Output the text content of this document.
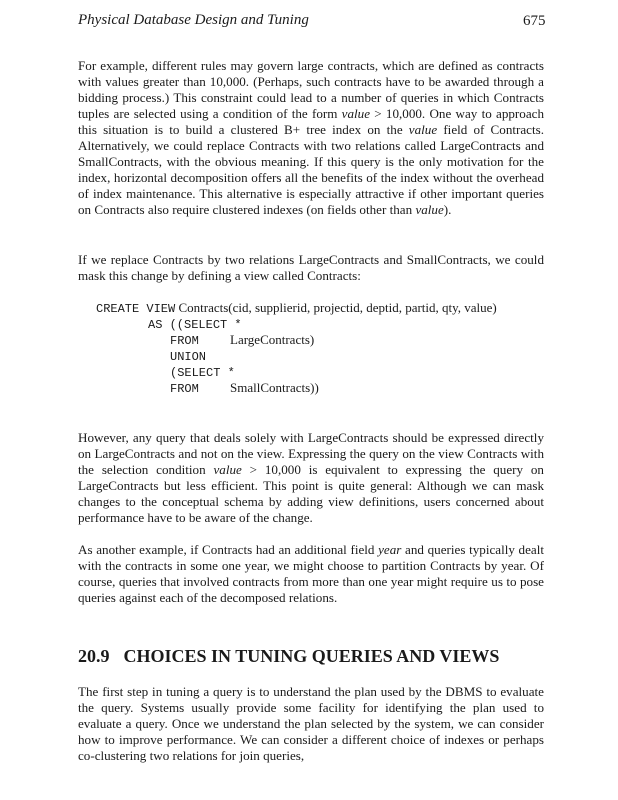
Physical Database Design and Tuning	675

For example, different rules may govern large contracts, which are defined as contracts with values greater than 10,000. (Perhaps, such contracts have to be awarded through a bidding process.) This constraint could lead to a number of queries in which Contracts tuples are selected using a condition of the form value > 10,000. One way to approach this situation is to build a clustered B+ tree index on the value field of Contracts. Alternatively, we could replace Contracts with two relations called LargeContracts and SmallContracts, with the obvious meaning. If this query is the only motivation for the index, horizontal decomposition offers all the benefits of the index without the overhead of index maintenance. This alternative is especially attractive if other important queries on Contracts also require clustered indexes (on fields other than value).

If we replace Contracts by two relations LargeContracts and SmallContracts, we could mask this change by defining a view called Contracts:

CREATE VIEW Contracts(cid, supplierid, projectid, deptid, partid, qty, value)
AS ((SELECT *
FROM LargeContracts)
UNION
(SELECT *
FROM SmallContracts))

However, any query that deals solely with LargeContracts should be expressed directly on LargeContracts and not on the view. Expressing the query on the view Contracts with the selection condition value > 10,000 is equivalent to expressing the query on LargeContracts but less efficient. This point is quite general: Although we can mask changes to the conceptual schema by adding view definitions, users concerned about performance have to be aware of the change.

As another example, if Contracts had an additional field year and queries typically dealt with the contracts in some one year, we might choose to partition Contracts by year. Of course, queries that involved contracts from more than one year might require us to pose queries against each of the decomposed relations.

20.9 CHOICES IN TUNING QUERIES AND VIEWS

The first step in tuning a query is to understand the plan used by the DBMS to evaluate the query. Systems usually provide some facility for identifying the plan used to evaluate a query. Once we understand the plan selected by the system, we can consider how to improve performance. We can consider a different choice of indexes or perhaps co-clustering two relations for join queries,
